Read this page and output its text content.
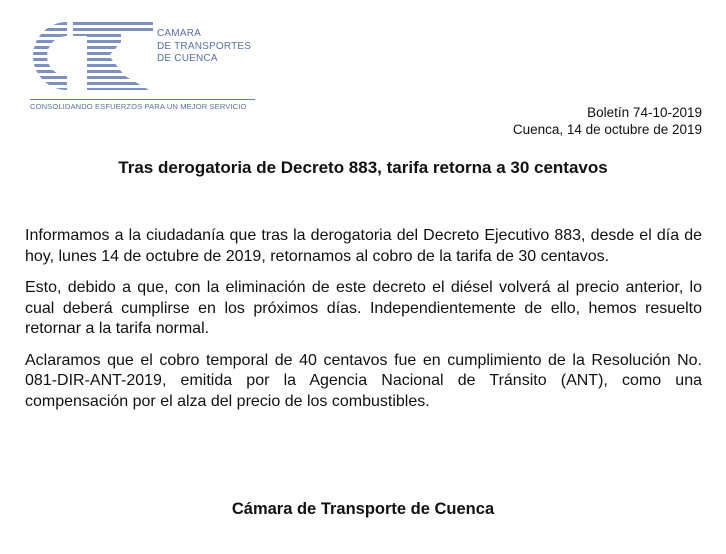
CAMARA
DE TRANSPORTES
DE CUENCA
CONSOLIDANDO ESFUERZOS PARA UN MEJOR SERVICIO	Boletín 74-10-2019
Cuenca, 14 de octubre de 2019
Tras derogatoria de Decreto 883, tarifa retorna a 30 centavos

Informamos a la ciudadanía que tras la derogatoria del Decreto Ejecutivo 883, desde el día de hoy, lunes 14 de octubre de 2019, retornamos al cobro de la tarifa de 30 centavos.

Esto, debido a que, con la eliminación de este decreto el diésel volverá al precio anterior, lo cual deberá cumplirse en los próximos días. Independientemente de ello, hemos resuelto retornar a la tarifa normal.

Aclaramos que el cobro temporal de 40 centavos fue en cumplimiento de la Resolución No. 081-DIR-ANT-2019, emitida por la Agencia Nacional de Tránsito (ANT), como una compensación por el alza del precio de los combustibles.

Cámara de Transporte de Cuenca
